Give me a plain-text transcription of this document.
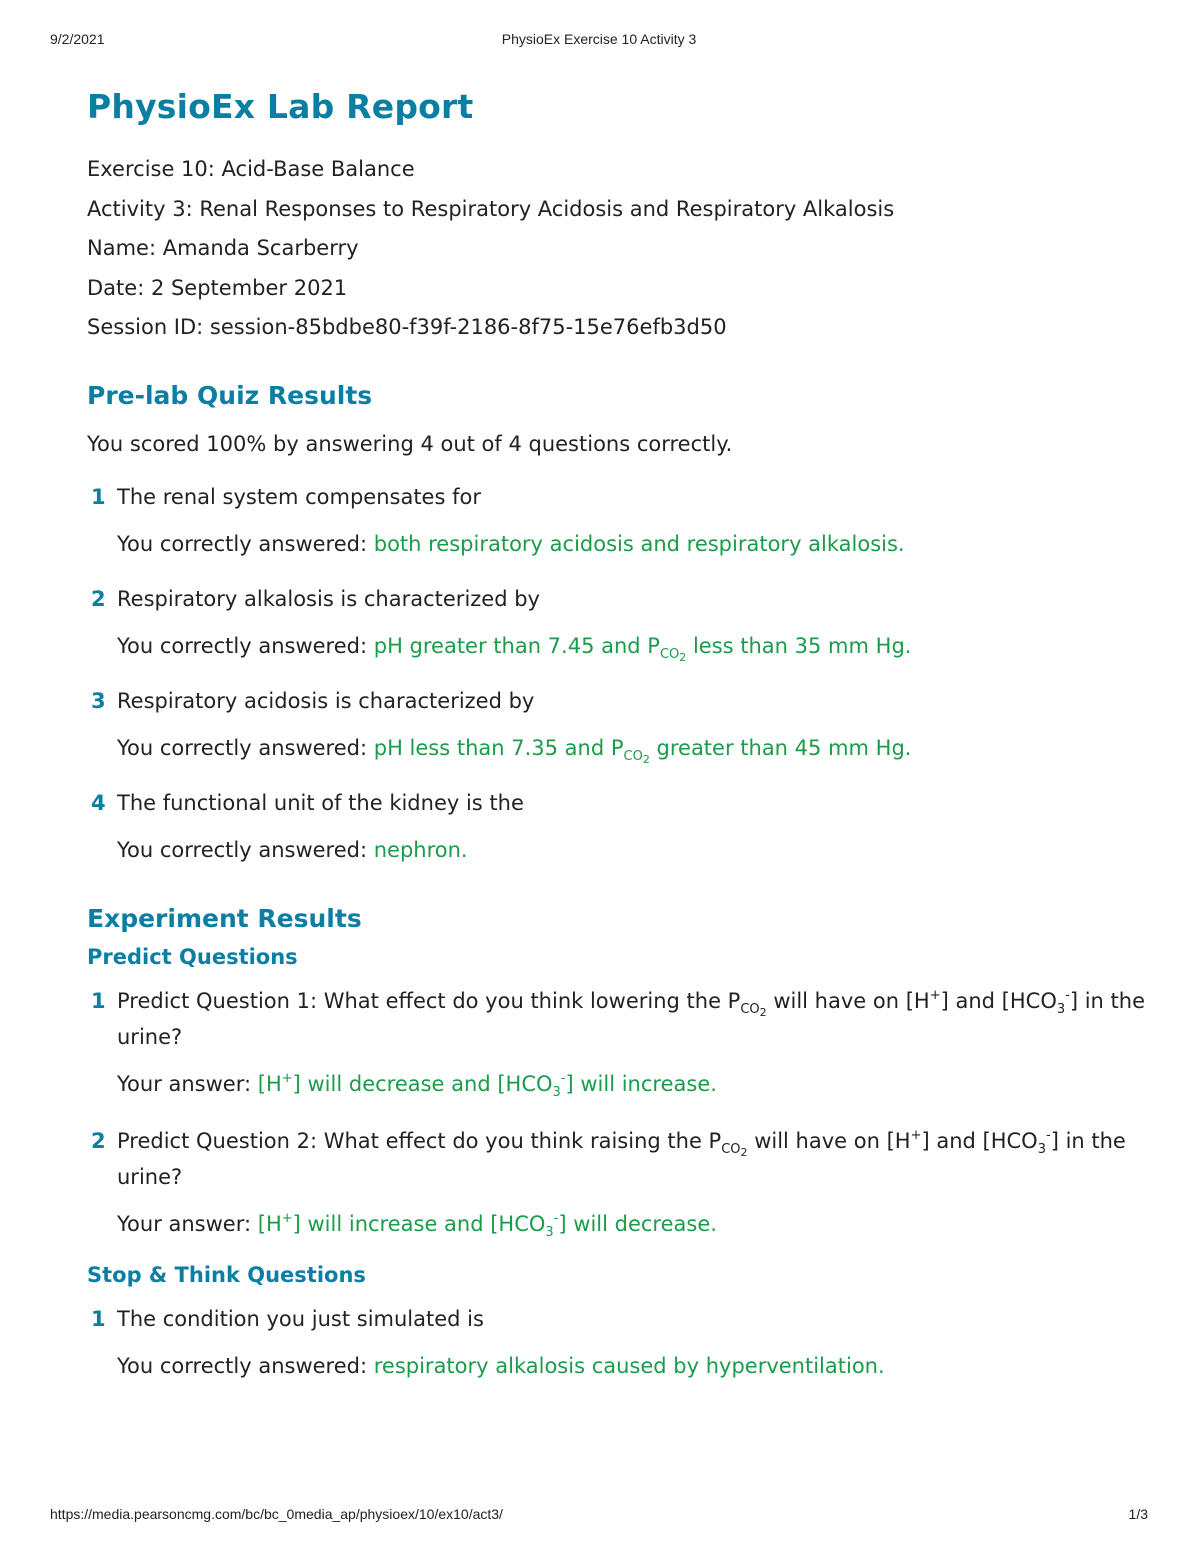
9/2/2021	PhysioEx Exercise 10 Activity 3
PhysioEx Lab Report
Exercise 10: Acid-Base Balance
Activity 3: Renal Responses to Respiratory Acidosis and Respiratory Alkalosis
Name: Amanda Scarberry
Date: 2 September 2021
Session ID: session-85bdbe80-f39f-2186-8f75-15e76efb3d50
Pre-lab Quiz Results
You scored 100% by answering 4 out of 4 questions correctly.
1 The renal system compensates for
You correctly answered: both respiratory acidosis and respiratory alkalosis.
2 Respiratory alkalosis is characterized by
You correctly answered: pH greater than 7.45 and $P_{CO_2}$ less than 35 mm Hg.
3 Respiratory acidosis is characterized by
You correctly answered: pH less than 7.35 and $P_{CO_2}$ greater than 45 mm Hg.
4 The functional unit of the kidney is the
You correctly answered: nephron.
Experiment Results
Predict Questions
1 Predict Question 1: What effect do you think lowering the $P_{CO_2}$ will have on [H+] and $[HCO_3^-]$ in the urine?
Your answer: [H+] will decrease and $[HCO_3^-]$ will increase.
2 Predict Question 2: What effect do you think raising the $P_{CO_2}$ will have on [H+] and $[HCO_3^-]$ in the urine?
Your answer: [H+] will increase and $[HCO_3^-]$ will decrease.
Stop & Think Questions
1 The condition you just simulated is
You correctly answered: respiratory alkalosis caused by hyperventilation.
https://media.pearsoncmg.com/bc/bc_0media_ap/physioex/10/ex10/act3/	1/3
